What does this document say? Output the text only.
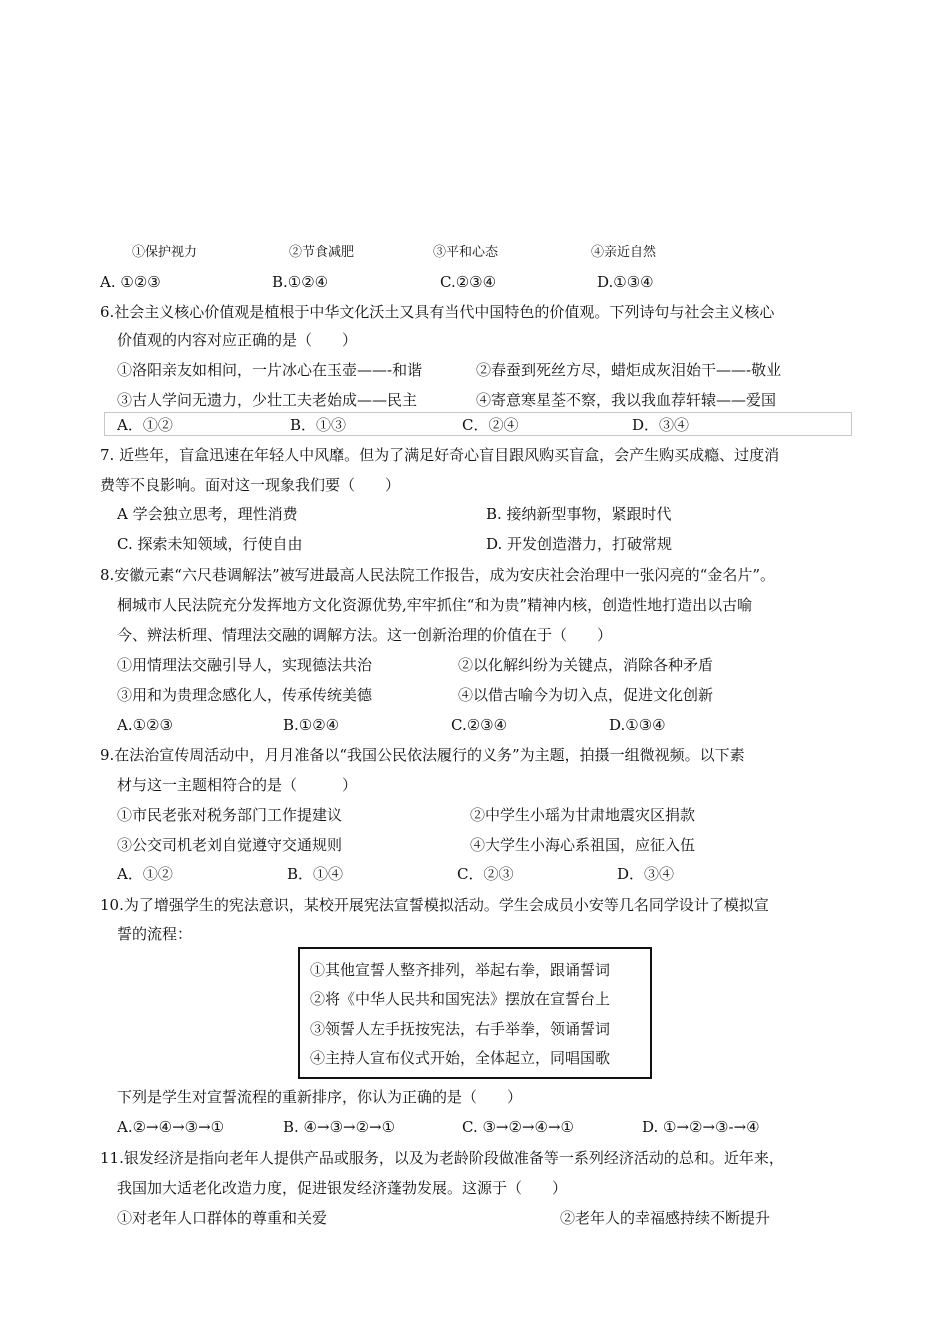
①保护视力	②节食减肥	③平和心态	④亲近自然
A. ①②③	B.①②④	C.②③④	D.①③④
6.社会主义核心价值观是植根于中华文化沃土又具有当代中国特色的价值观。下列诗句与社会主义核心
价值观的内容对应正确的是（　　）
①洛阳亲友如相问，一片冰心在玉壶——-和谐	②春蚕到死丝方尽，蜡炬成灰泪始干——-敬业
③古人学问无遗力，少壮工夫老始成——民主	④寄意寒星荃不察，我以我血荐轩辕——爱国
A．①②	B．①③	C．②④	D．③④
7. 近些年，盲盒迅速在年轻人中风靡。但为了满足好奇心盲目跟风购买盲盒，会产生购买成瘾、过度消
费等不良影响。面对这一现象我们要（　　）
A 学会独立思考，理性消费	B. 接纳新型事物，紧跟时代
C. 探索未知领域，行使自由	D. 开发创造潜力，打破常规
8.安徽元素“六尺巷调解法”被写进最高人民法院工作报告，成为安庆社会治理中一张闪亮的“金名片”。
桐城市人民法院充分发挥地方文化资源优势,牢牢抓住“和为贵”精神内核，创造性地打造出以古喻
今、辨法析理、情理法交融的调解方法。这一创新治理的价值在于（　　）
①用情理法交融引导人，实现德法共治	②以化解纠纷为关键点，消除各种矛盾
③用和为贵理念感化人，传承传统美德	④以借古喻今为切入点，促进文化创新
A.①②③	B.①②④	C.②③④	D.①③④
9.在法治宣传周活动中，月月准备以“我国公民依法履行的义务”为主题，拍摄一组微视频。以下素
材与这一主题相符合的是（　　　）
①市民老张对税务部门工作提建议	②中学生小瑶为甘肃地震灾区捐款
③公交司机老刘自觉遵守交通规则	④大学生小海心系祖国，应征入伍
A．①②	B．①④	C．②③	D．③④
10.为了增强学生的宪法意识，某校开展宪法宣誓模拟活动。学生会成员小安等几名同学设计了模拟宣
誓的流程：
①其他宣誓人整齐排列，举起右拳，跟诵誓词
②将《中华人民共和国宪法》摆放在宣誓台上
③领誓人左手抚按宪法，右手举拳，领诵誓词
④主持人宣布仪式开始，全体起立，同唱国歌
下列是学生对宣誓流程的重新排序，你认为正确的是（　　）
A.②→④→③→①	B. ④→③→②→①	C. ③→②→④→①	D. ①→②→③-→④
11.银发经济是指向老年人提供产品或服务，以及为老龄阶段做准备等一系列经济活动的总和。近年来，
我国加大适老化改造力度，促进银发经济蓬勃发展。这源于（　　）
①对老年人口群体的尊重和关爱	②老年人的幸福感持续不断提升
